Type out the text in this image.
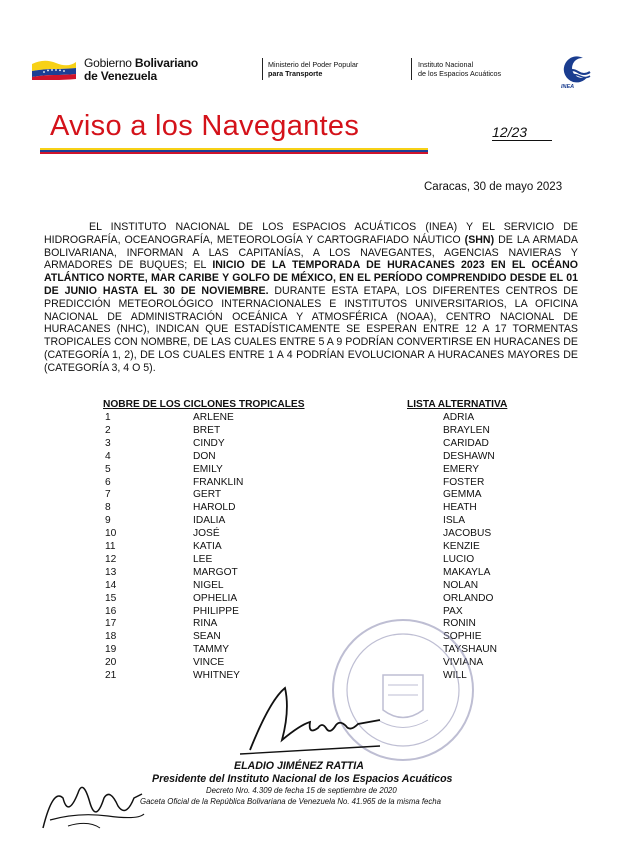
Gobierno Bolivariano
de Venezuela
Ministerio del Poder Popular
para Transporte
Instituto Nacional
de los Espacios Acuáticos
INEA
Aviso a los Navegantes	12/23
Caracas, 30 de mayo 2023
EL INSTITUTO NACIONAL DE LOS ESPACIOS ACUÁTICOS (INEA) Y EL SERVICIO DE HIDROGRAFÍA, OCEANOGRAFÍA, METEOROLOGÍA Y CARTOGRAFIADO NÁUTICO (SHN) DE LA ARMADA BOLIVARIANA, INFORMAN A LAS CAPITANÍAS, A LOS NAVEGANTES, AGENCIAS NAVIERAS Y ARMADORES DE BUQUES; EL INICIO DE LA TEMPORADA DE HURACANES 2023 EN EL OCÉANO ATLÁNTICO NORTE, MAR CARIBE Y GOLFO DE MÉXICO, EN EL PERÍODO COMPRENDIDO DESDE EL 01 DE JUNIO HASTA EL 30 DE NOVIEMBRE. DURANTE ESTA ETAPA, LOS DIFERENTES CENTROS DE PREDICCIÓN METEOROLÓGICO INTERNACIONALES E INSTITUTOS UNIVERSITARIOS, LA OFICINA NACIONAL DE ADMINISTRACIÓN OCEÁNICA Y ATMOSFÉRICA (NOAA), CENTRO NACIONAL DE HURACANES (NHC), INDICAN QUE ESTADÍSTICAMENTE SE ESPERAN ENTRE 12 A 17 TORMENTAS TROPICALES CON NOMBRE, DE LAS CUALES ENTRE 5 A 9 PODRÍAN CONVERTIRSE EN HURACANES DE (CATEGORÍA 1, 2), DE LOS CUALES ENTRE 1 A 4 PODRÍAN EVOLUCIONAR A HURACANES MAYORES DE (CATEGORÍA 3, 4 O 5).
NOBRE DE LOS CICLONES TROPICALES	LISTA ALTERNATIVA
1	ARLENE	ADRIA
2	BRET	BRAYLEN
3	CINDY	CARIDAD
4	DON	DESHAWN
5	EMILY	EMERY
6	FRANKLIN	FOSTER
7	GERT	GEMMA
8	HAROLD	HEATH
9	IDALIA	ISLA
10	JOSÉ	JACOBUS
11	KATIA	KENZIE
12	LEE	LUCIO
13	MARGOT	MAKAYLA
14	NIGEL	NOLAN
15	OPHELIA	ORLANDO
16	PHILIPPE	PAX
17	RINA	RONIN
18	SEAN	SOPHIE
19	TAMMY	TAYSHAUN
20	VINCE	VIVIANA
21	WHITNEY	WILL
ELADIO JIMÉNEZ RATTIA
Presidente del Instituto Nacional de los Espacios Acuáticos
Decreto Nro. 4.309 de fecha 15 de septiembre de 2020
Gaceta Oficial de la República Bolivariana de Venezuela No. 41.965 de la misma fecha
